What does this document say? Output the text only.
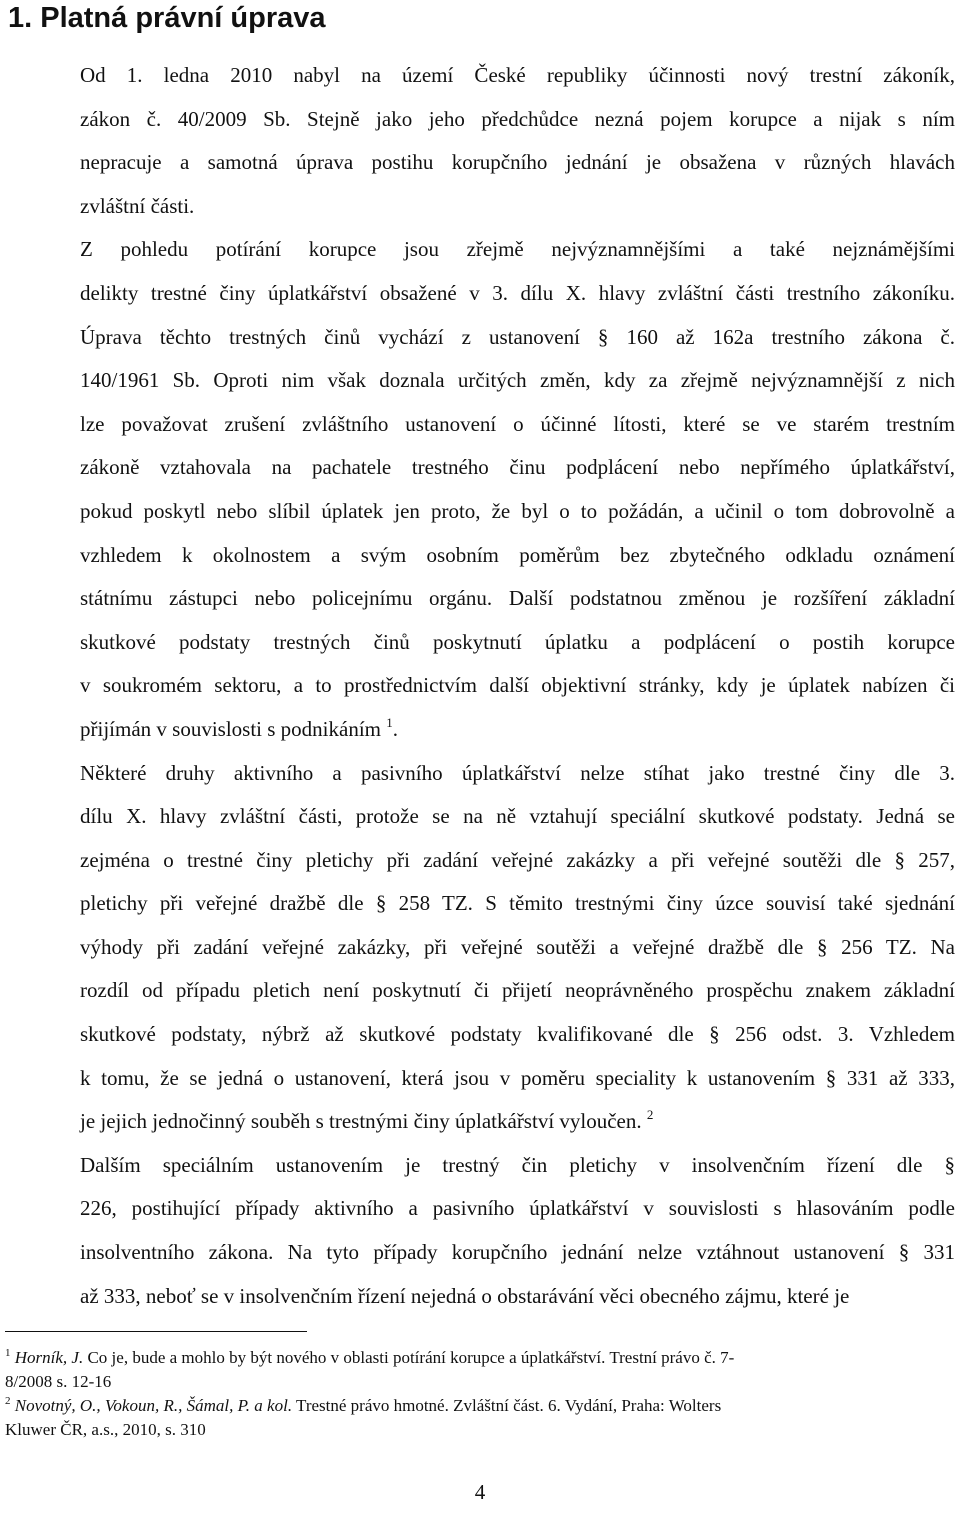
1. Platná právní úprava

Od 1. ledna 2010 nabyl na území České republiky účinnosti nový trestní zákoník,
zákon č. 40/2009 Sb. Stejně jako jeho předchůdce nezná pojem korupce a nijak s ním
nepracuje a samotná úprava postihu korupčního jednání je obsažena v různých hlavách
zvláštní části.

Z pohledu potírání korupce jsou zřejmě nejvýznamnějšími a také nejznámějšími
delikty trestné činy úplatkářství obsažené v 3. dílu X. hlavy zvláštní části trestního zákoníku.
Úprava těchto trestných činů vychází z ustanovení § 160 až 162a trestního zákona č.
140/1961 Sb. Oproti nim však doznala určitých změn, kdy za zřejmě nejvýznamnější z nich
lze považovat zrušení zvláštního ustanovení o účinné lítosti, které se ve starém trestním
zákoně vztahovala na pachatele trestného činu podplácení nebo nepřímého úplatkářství,
pokud poskytl nebo slíbil úplatek jen proto, že byl o to požádán, a učinil o tom dobrovolně a
vzhledem k okolnostem a svým osobním poměrům bez zbytečného odkladu oznámení
státnímu zástupci nebo policejnímu orgánu. Další podstatnou změnou je rozšíření základní
skutkové podstaty trestných činů poskytnutí úplatku a podplácení o postih korupce
v soukromém sektoru, a to prostřednictvím další objektivní stránky, kdy je úplatek nabízen či
přijímán v souvislosti s podnikáním $^1$.

Některé druhy aktivního a pasivního úplatkářství nelze stíhat jako trestné činy dle 3.
dílu X. hlavy zvláštní části, protože se na ně vztahují speciální skutkové podstaty. Jedná se
zejména o trestné činy pletichy při zadání veřejné zakázky a při veřejné soutěži dle § 257,
pletichy při veřejné dražbě dle § 258 TZ. S těmito trestnými činy úzce souvisí také sjednání
výhody při zadání veřejné zakázky, při veřejné soutěži a veřejné dražbě dle § 256 TZ. Na
rozdíl od případu pletich není poskytnutí či přijetí neoprávněného prospěchu znakem základní
skutkové podstaty, nýbrž až skutkové podstaty kvalifikované dle § 256 odst. 3. Vzhledem
k tomu, že se jedná o ustanovení, která jsou v poměru speciality k ustanovením § 331 až 333,
je jejich jednočinný souběh s trestnými činy úplatkářství vyloučen. $^2$

Dalším speciálním ustanovením je trestný čin pletichy v insolvenčním řízení dle §
226, postihující případy aktivního a pasivního úplatkářství v souvislosti s hlasováním podle
insolventního zákona. Na tyto případy korupčního jednání nelze vztáhnout ustanovení § 331
až 333, neboť se v insolvenčním řízení nejedná o obstarávání věci obecného zájmu, které je

$^1$ Horník, J. Co je, bude a mohlo by být nového v oblasti potírání korupce a úplatkářství. Trestní právo č. 7-
8/2008 s. 12-16

$^2$ Novotný, O., Vokoun, R., Šámal, P. a kol. Trestné právo hmotné. Zvláštní část. 6. Vydání, Praha: Wolters
Kluwer ČR, a.s., 2010, s. 310

4
